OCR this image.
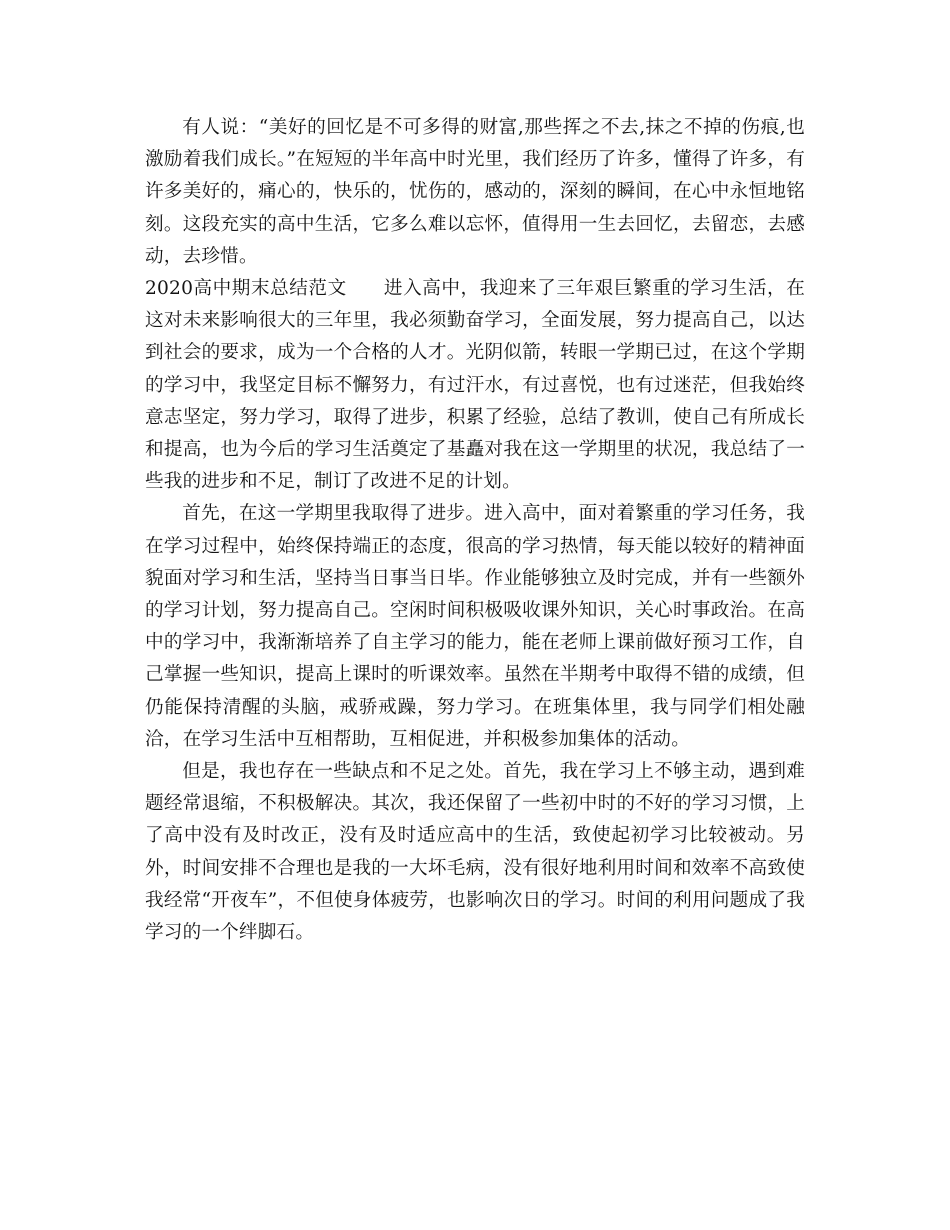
有人说：“美好的回忆是不可多得的财富,那些挥之不去,抹之不掉的伤痕,也激励着我们成长。”在短短的半年高中时光里，我们经历了许多，懂得了许多，有许多美好的，痛心的，快乐的，忧伤的，感动的，深刻的瞬间，在心中永恒地铭刻。这段充实的高中生活，它多么难以忘怀，值得用一生去回忆，去留恋，去感动，去珍惜。

2020高中期末总结范文 进入高中，我迎来了三年艰巨繁重的学习生活，在这对未来影响很大的三年里，我必须勤奋学习，全面发展，努力提高自己，以达到社会的要求，成为一个合格的人才。光阴似箭，转眼一学期已过，在这个学期的学习中，我坚定目标不懈努力，有过汗水，有过喜悦，也有过迷茫，但我始终意志坚定，努力学习，取得了进步，积累了经验，总结了教训，使自己有所成长和提高，也为今后的学习生活奠定了基矗对我在这一学期里的状况，我总结了一些我的进步和不足，制订了改进不足的计划。

首先，在这一学期里我取得了进步。进入高中，面对着繁重的学习任务，我在学习过程中，始终保持端正的态度，很高的学习热情，每天能以较好的精神面貌面对学习和生活，坚持当日事当日毕。作业能够独立及时完成，并有一些额外的学习计划，努力提高自己。空闲时间积极吸收课外知识，关心时事政治。在高中的学习中，我渐渐培养了自主学习的能力，能在老师上课前做好预习工作，自己掌握一些知识，提高上课时的听课效率。虽然在半期考中取得不错的成绩，但仍能保持清醒的头脑，戒骄戒躁，努力学习。在班集体里，我与同学们相处融洽，在学习生活中互相帮助，互相促进，并积极参加集体的活动。

但是，我也存在一些缺点和不足之处。首先，我在学习上不够主动，遇到难题经常退缩，不积极解决。其次，我还保留了一些初中时的不好的学习习惯，上了高中没有及时改正，没有及时适应高中的生活，致使起初学习比较被动。另外，时间安排不合理也是我的一大坏毛病，没有很好地利用时间和效率不高致使我经常“开夜车”，不但使身体疲劳，也影响次日的学习。时间的利用问题成了我学习的一个绊脚石。
